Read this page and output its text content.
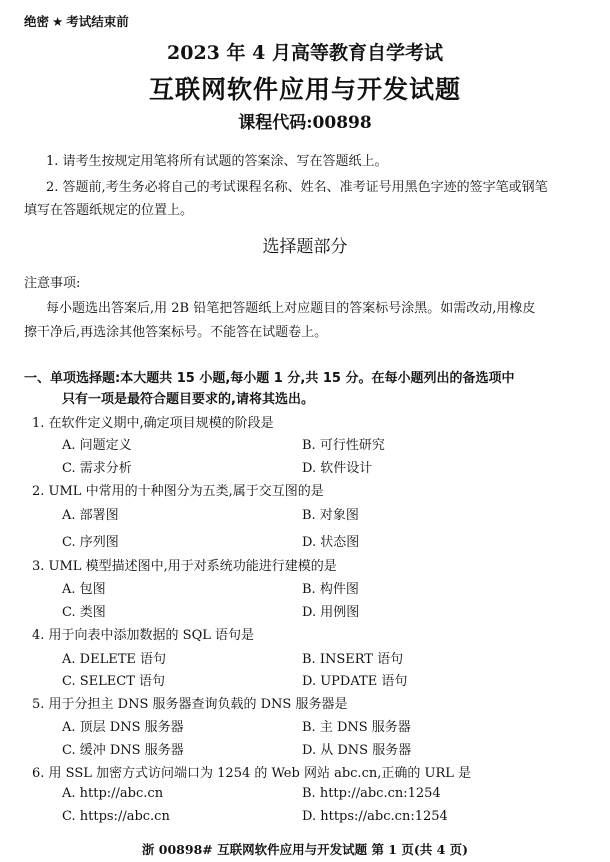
绝密 ★ 考试结束前
2023 年 4 月高等教育自学考试
互联网软件应用与开发试题
课程代码:00898
1. 请考生按规定用笔将所有试题的答案涂、写在答题纸上。
2. 答题前,考生务必将自己的考试课程名称、姓名、准考证号用黑色字迹的签字笔或钢笔
填写在答题纸规定的位置上。
选择题部分
注意事项:
每小题选出答案后,用 2B 铅笔把答题纸上对应题目的答案标号涂黑。如需改动,用橡皮
擦干净后,再选涂其他答案标号。不能答在试题卷上。
一、单项选择题:本大题共 15 小题,每小题 1 分,共 15 分。在每小题列出的备选项中
只有一项是最符合题目要求的,请将其选出。
1. 在软件定义期中,确定项目规模的阶段是
A. 问题定义	B. 可行性研究
C. 需求分析	D. 软件设计
2. UML 中常用的十种图分为五类,属于交互图的是
A. 部署图	B. 对象图
C. 序列图	D. 状态图
3. UML 模型描述图中,用于对系统功能进行建模的是
A. 包图	B. 构件图
C. 类图	D. 用例图
4. 用于向表中添加数据的 SQL 语句是
A. DELETE 语句	B. INSERT 语句
C. SELECT 语句	D. UPDATE 语句
5. 用于分担主 DNS 服务器查询负载的 DNS 服务器是
A. 顶层 DNS 服务器	B. 主 DNS 服务器
C. 缓冲 DNS 服务器	D. 从 DNS 服务器
6. 用 SSL 加密方式访问端口为 1254 的 Web 网站 abc.cn,正确的 URL 是
A. http://abc.cn	B. http://abc.cn:1254
C. https://abc.cn	D. https://abc.cn:1254
浙 00898# 互联网软件应用与开发试题 第 1 页(共 4 页)
